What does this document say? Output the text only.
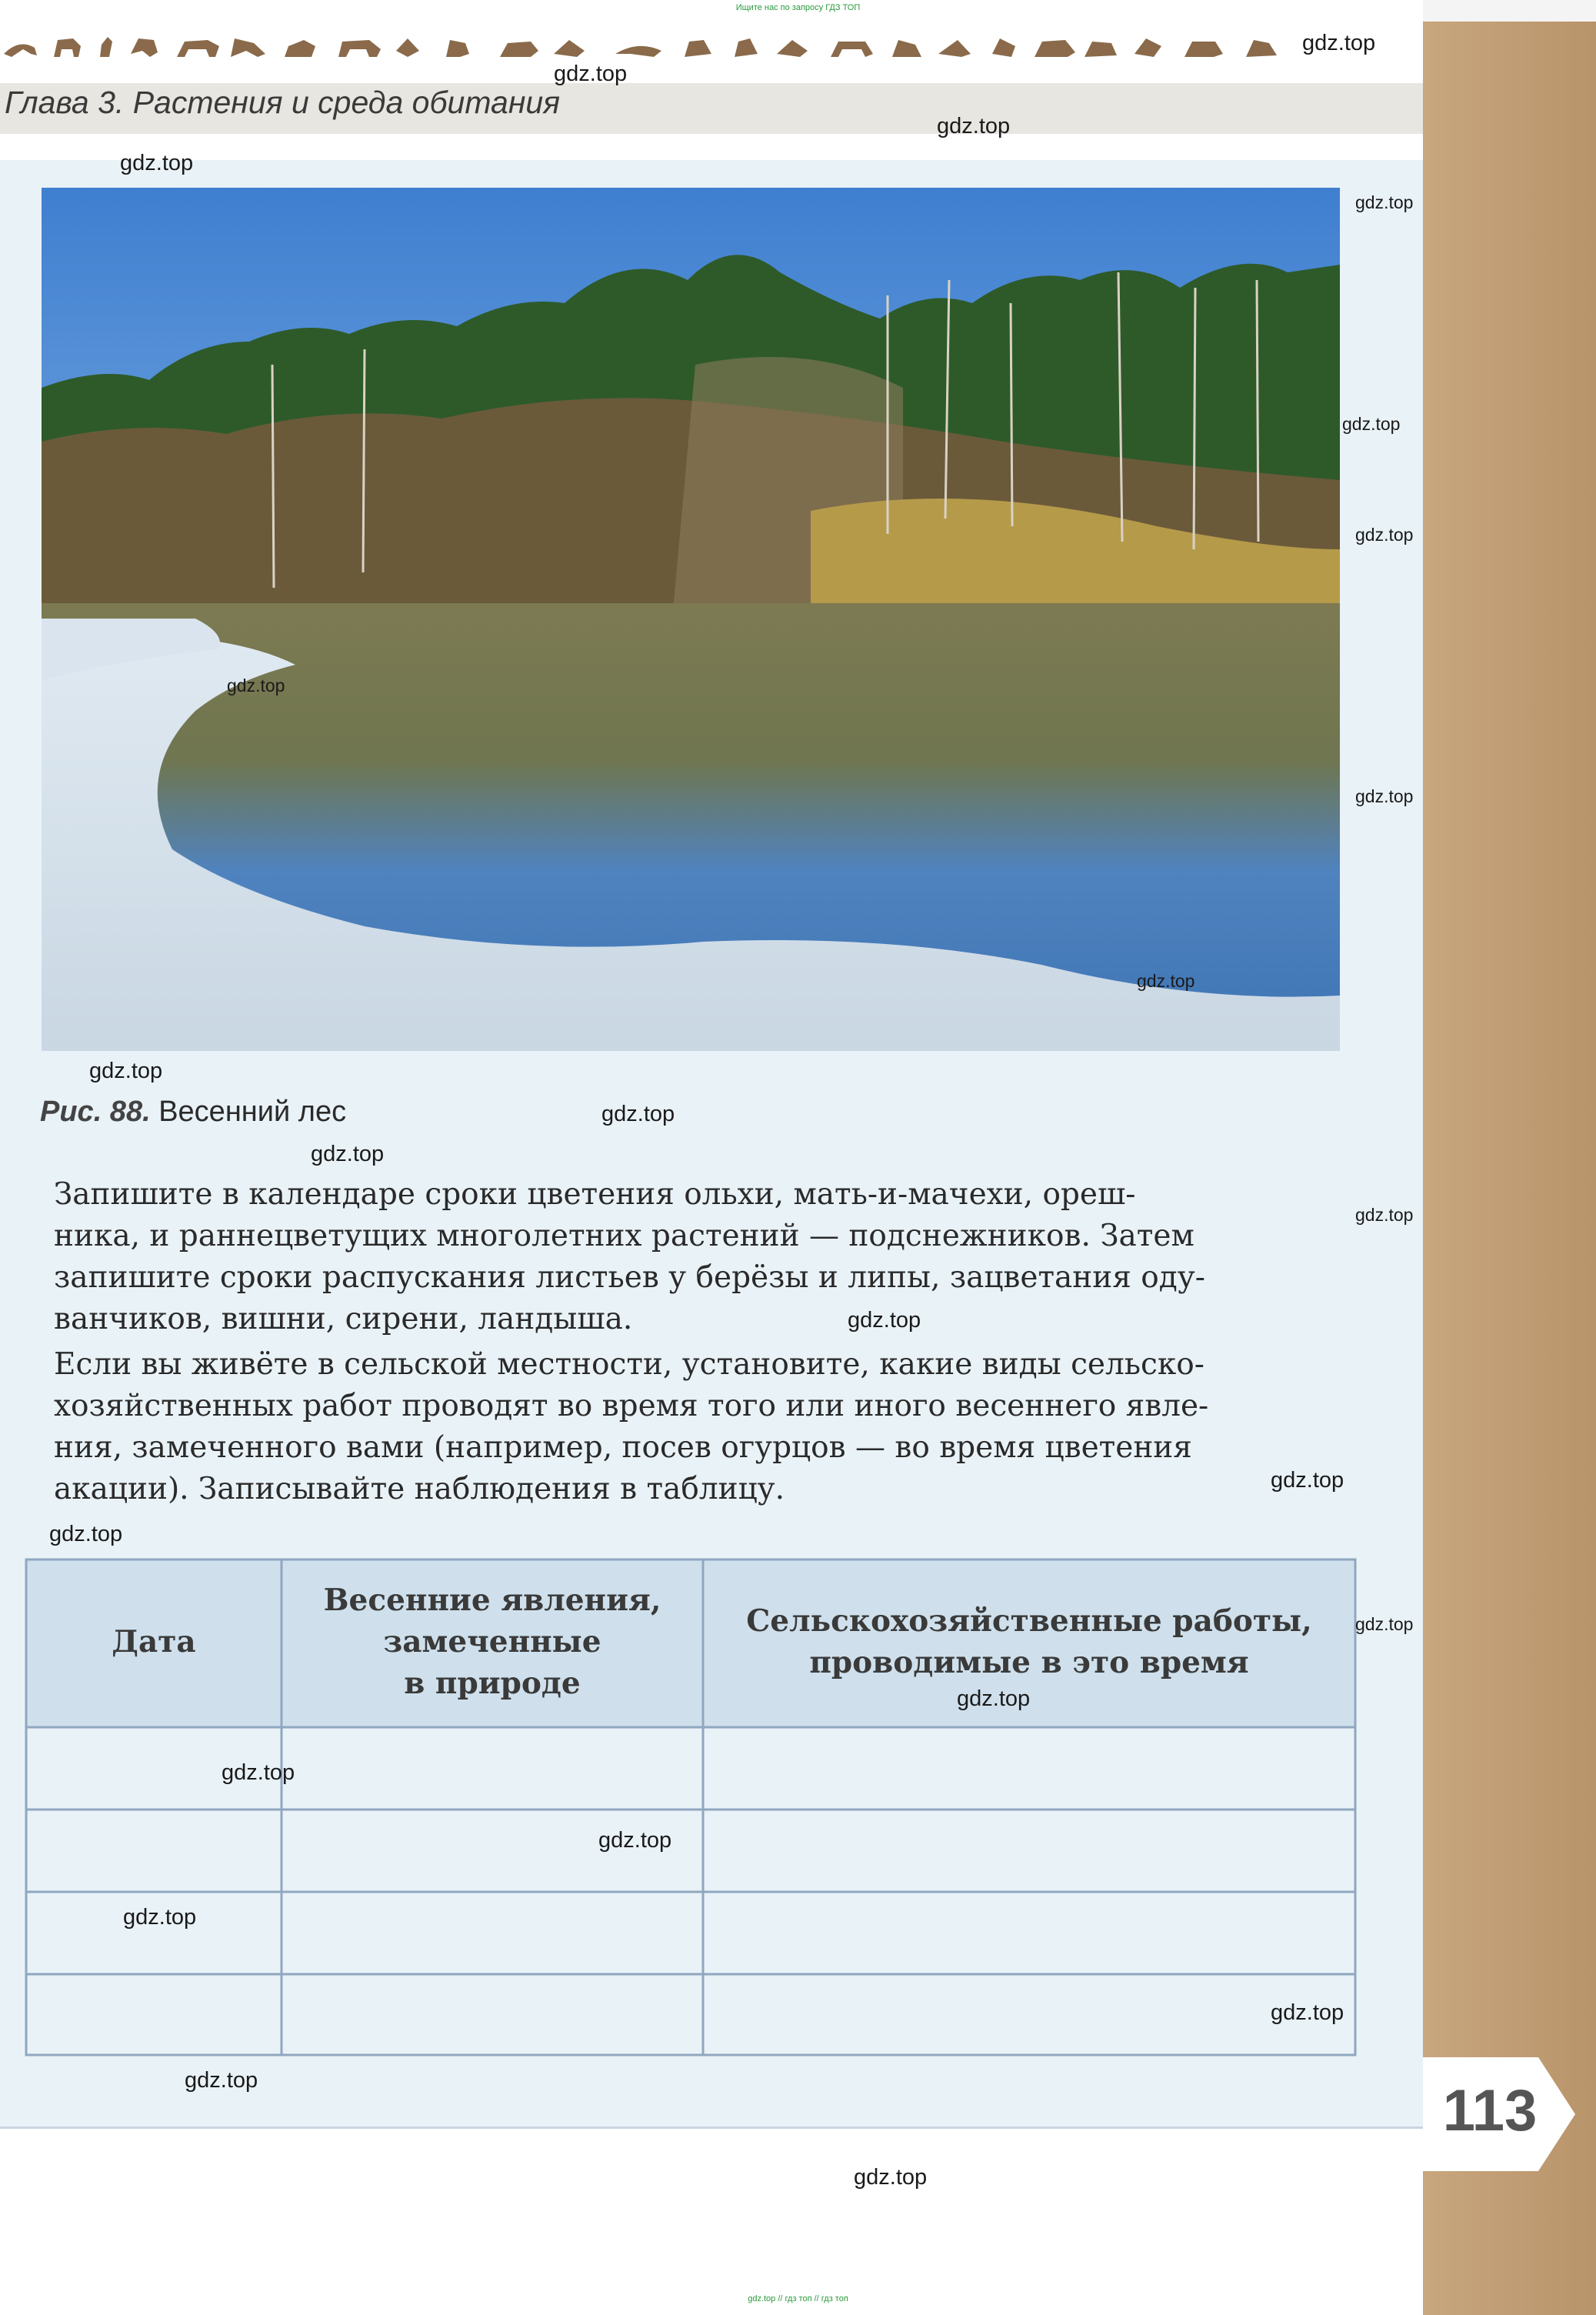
Ищите нас по запросу ГДЗ ТОП
Глава 3. Растения и среда обитания
Рис. 88. Весенний лес
Запишите в календаре сроки цветения ольхи, мать-и-мачехи, ореш-
ника, и раннецветущих многолетних растений — подснежников. Затем
запишите сроки распускания листьев у берёзы и липы, зацветания оду-
ванчиков, вишни, сирени, ландыша.
Если вы живёте в сельской местности, установите, какие виды сельско-
хозяйственных работ проводят во время того или иного весеннего явле-
ния, замеченного вами (например, посев огурцов — во время цветения
акации). Записывайте наблюдения в таблицу.
Дата
Весенние явления,
замеченные
в природе
Сельскохозяйственные работы,
проводимые в это время
113
gdz.top
gdz.top
gdz.top
gdz.top
gdz.top
gdz.top
gdz.top
gdz.top
gdz.top
gdz.top
gdz.top
gdz.top
gdz.top
gdz.top
gdz.top
gdz.top
gdz.top
gdz.top
gdz.top
gdz.top
gdz.top
gdz.top
gdz.top
gdz.top
gdz.top
gdz.top // гдз топ // гдз топ
